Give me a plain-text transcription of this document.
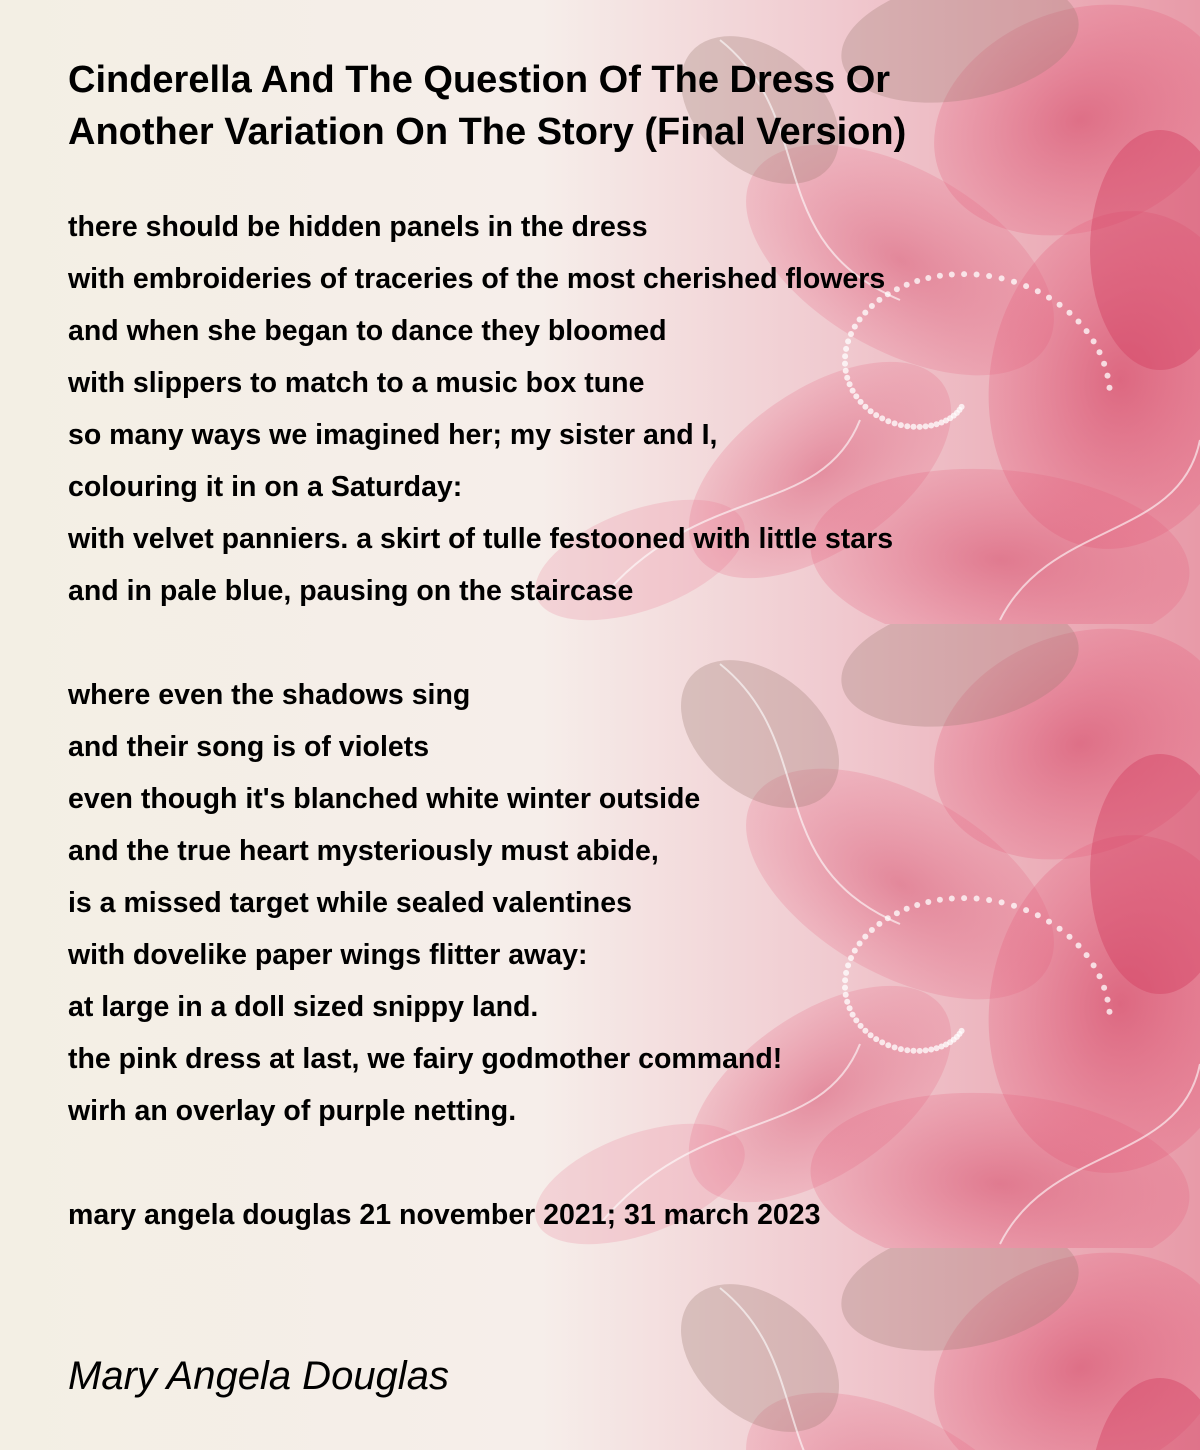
Cinderella And The Question Of The Dress Or
Another Variation On The Story (Final Version)
there should be hidden panels in the dress
with embroideries of traceries of the most cherished flowers
and when she began to dance they bloomed
with slippers to match to a music box tune
so many ways we imagined her; my sister and I,
colouring it in on a Saturday:
with velvet panniers. a skirt of tulle festooned with little stars
and in pale blue, pausing on the staircase
where even the shadows sing
and their song is of violets
even though it's blanched white winter outside
and the true heart mysteriously must abide,
is a missed target while sealed valentines
with dovelike paper wings flitter away:
at large in a doll sized snippy land.
the pink dress at last, we fairy godmother command!
wirh an overlay of purple netting.
mary angela douglas 21 november 2021; 31 march 2023
Mary Angela Douglas
